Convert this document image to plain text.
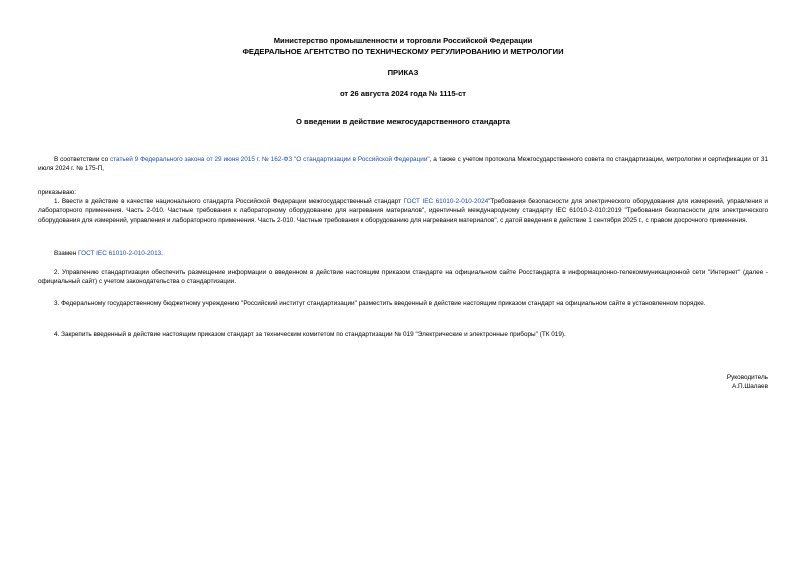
Министерство промышленности и торговли Российской Федерации
ФЕДЕРАЛЬНОЕ АГЕНТСТВО ПО ТЕХНИЧЕСКОМУ РЕГУЛИРОВАНИЮ И МЕТРОЛОГИИ
ПРИКАЗ
от 26 августа 2024 года № 1115-ст
О введении в действие межгосударственного стандарта
В соответствии со статьей 9 Федерального закона от 29 июня 2015 г. № 162-ФЗ "О стандартизации в Российской Федерации", а также с учетом протокола Межгосударственного совета по стандартизации, метрологии и сертификации от 31 июля 2024 г. № 175-П,
приказываю:
1. Ввести в действие в качестве национального стандарта Российской Федерации межгосударственный стандарт ГОСТ IEC 61010-2-010-2024"Требования безопасности для электрического оборудования для измерений, управления и лабораторного применения. Часть 2-010. Частные требования к лабораторному оборудованию для нагревания материалов", идентичный международному стандарту IEC 61010-2-010:2019 "Требования безопасности для электрического оборудования для измерений, управления и лабораторного применения. Часть 2-010. Частные требования к оборудованию для нагревания материалов", с датой введения в действие 1 сентября 2025 г., с правом досрочного применения.
Взамен ГОСТ IEC 61010-2-010-2013.
2. Управлению стандартизации обеспечить размещение информации о введенном в действие настоящим приказом стандарте на официальном сайте Росстандарта в информационно-телекоммуникационной сети "Интернет" (далее - официальный сайт) с учетом законодательства о стандартизации.
3. Федеральному государственному бюджетному учреждению "Российский институт стандартизации" разместить введенный в действие настоящим приказом стандарт на официальном сайте в установленном порядке.
4. Закрепить введенный в действие настоящим приказом стандарт за техническим комитетом по стандартизации № 019 "Электрические и электронные приборы" (ТК 019).
Руководитель
А.П.Шалаев
